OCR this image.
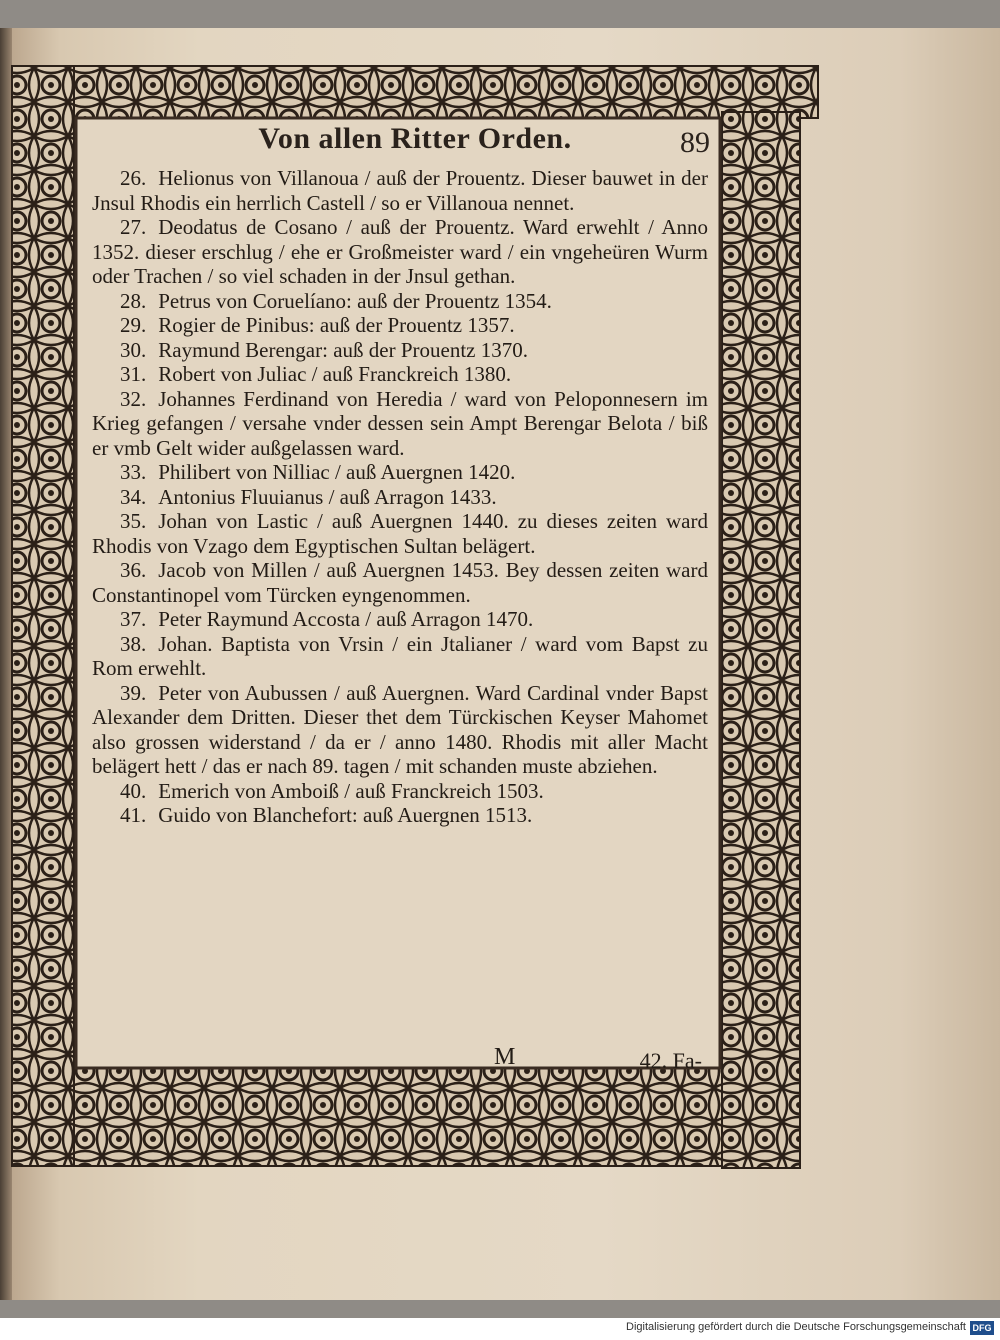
Von allen Ritter Orden.	89

26. Helionus von Villanoua / auß der Prouentz. Dieser bauwet in der Jnsul Rhodis ein herrlich Castell / so er Villanoua nennet.

27. Deodatus de Cosano / auß der Prouentz. Ward erwehlt / Anno 1352. dieser erschlug / ehe er Großmeister ward / ein vngeheüren Wurm oder Trachen / so viel schaden in der Jnsul gethan.

28. Petrus von Coruelíano: auß der Prouentz 1354.

29. Rogier de Pinibus: auß der Prouentz 1357.

30. Raymund Berengar: auß der Prouentz 1370.

31. Robert von Juliac / auß Franckreich 1380.

32. Johannes Ferdinand von Heredia / ward von Peloponnesern im Krieg gefangen / versahe vnder dessen sein Ampt Berengar Belota / biß er vmb Gelt wider außgelassen ward.

33. Philibert von Nilliac / auß Auergnen 1420.

34. Antonius Fluuianus / auß Arragon 1433.

35. Johan von Lastic / auß Auergnen 1440. zu dieses zeiten ward Rhodis von Vzago dem Egyptischen Sultan belägert.

36. Jacob von Millen / auß Auergnen 1453. Bey dessen zeiten ward Constantinopel vom Türcken eyngenommen.

37. Peter Raymund Accosta / auß Arragon 1470.

38. Johan. Baptista von Vrsin / ein Jtalianer / ward vom Bapst zu Rom erwehlt.

39. Peter von Aubussen / auß Auergnen. Ward Cardinal vnder Bapst Alexander dem Dritten. Dieser thet dem Türckischen Keyser Mahomet also grossen widerstand / da er / anno 1480. Rhodis mit aller Macht belägert hett / das er nach 89. tagen / mit schanden muste abziehen.

40. Emerich von Amboiß / auß Franckreich 1503.

41. Guido von Blanchefort: auß Auergnen 1513.

M	42. Fa-
Digitalisierung gefördert durch die Deutsche Forschungsgemeinschaft DFG
